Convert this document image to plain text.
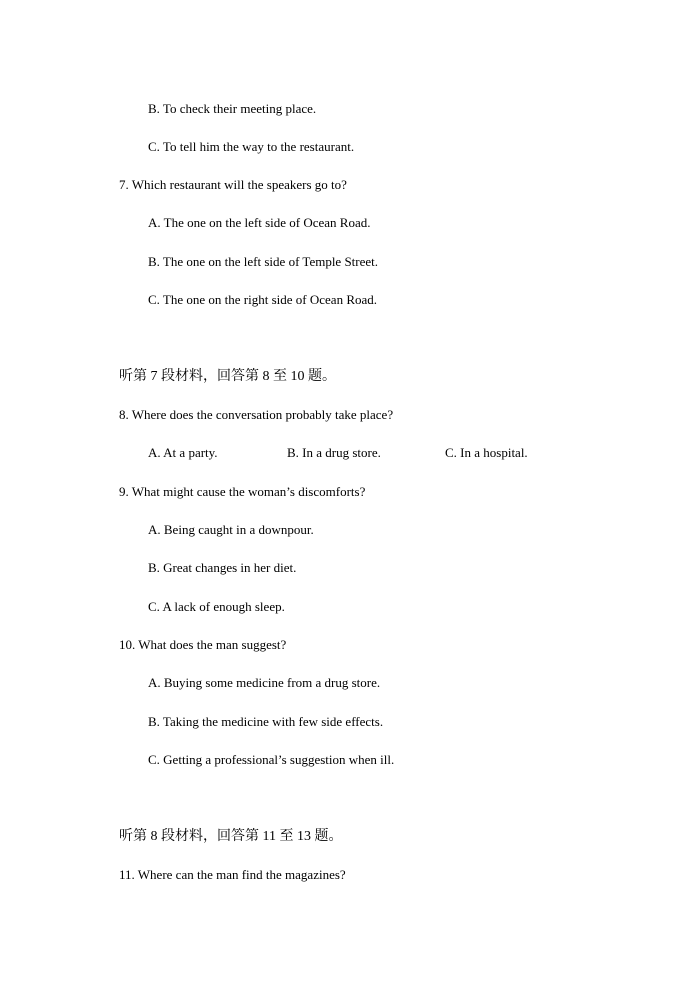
B. To check their meeting place.
C. To tell him the way to the restaurant.
7. Which restaurant will the speakers go to?
A. The one on the left side of Ocean Road.
B. The one on the left side of Temple Street.
C. The one on the right side of Ocean Road.
听第 7 段材料，回答第 8 至 10 题。
8. Where does the conversation probably take place?
A. At a party.	B. In a drug store.	C. In a hospital.
9. What might cause the woman’s discomforts?
A. Being caught in a downpour.
B. Great changes in her diet.
C. A lack of enough sleep.
10. What does the man suggest?
A. Buying some medicine from a drug store.
B. Taking the medicine with few side effects.
C. Getting a professional’s suggestion when ill.
听第 8 段材料，回答第 11 至 13 题。
11. Where can the man find the magazines?
